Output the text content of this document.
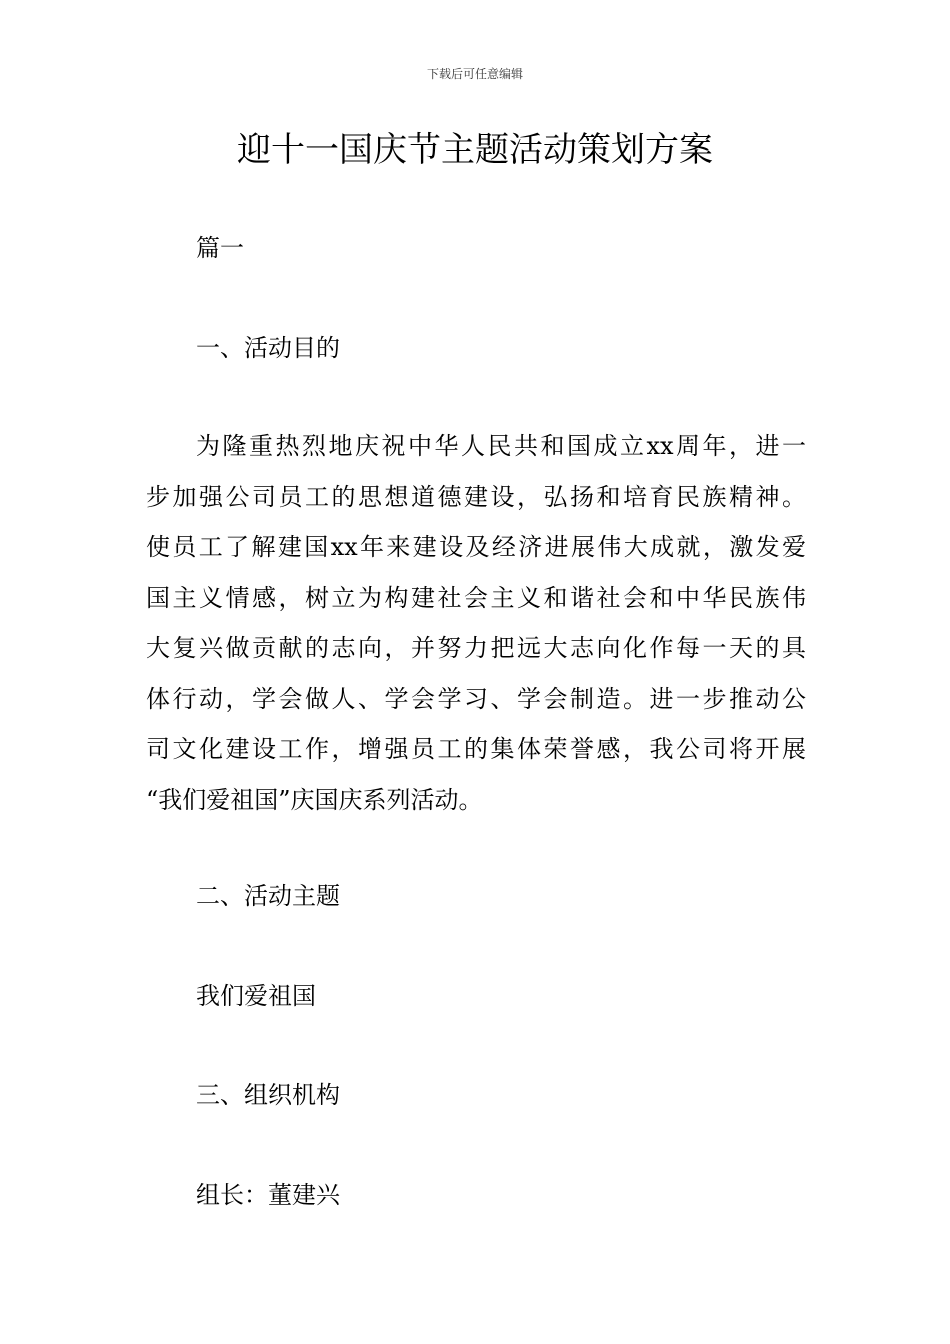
下载后可任意编辑
迎十一国庆节主题活动策划方案
篇一
一、活动目的
为隆重热烈地庆祝中华人民共和国成立xx周年，进一
步加强公司员工的思想道德建设，弘扬和培育民族精神。
使员工了解建国xx年来建设及经济进展伟大成就，激发爱
国主义情感，树立为构建社会主义和谐社会和中华民族伟
大复兴做贡献的志向，并努力把远大志向化作每一天的具
体行动，学会做人、学会学习、学会制造。进一步推动公
司文化建设工作，增强员工的集体荣誉感，我公司将开展
“我们爱祖国”庆国庆系列活动。
二、活动主题
我们爱祖国
三、组织机构
组长：董建兴
